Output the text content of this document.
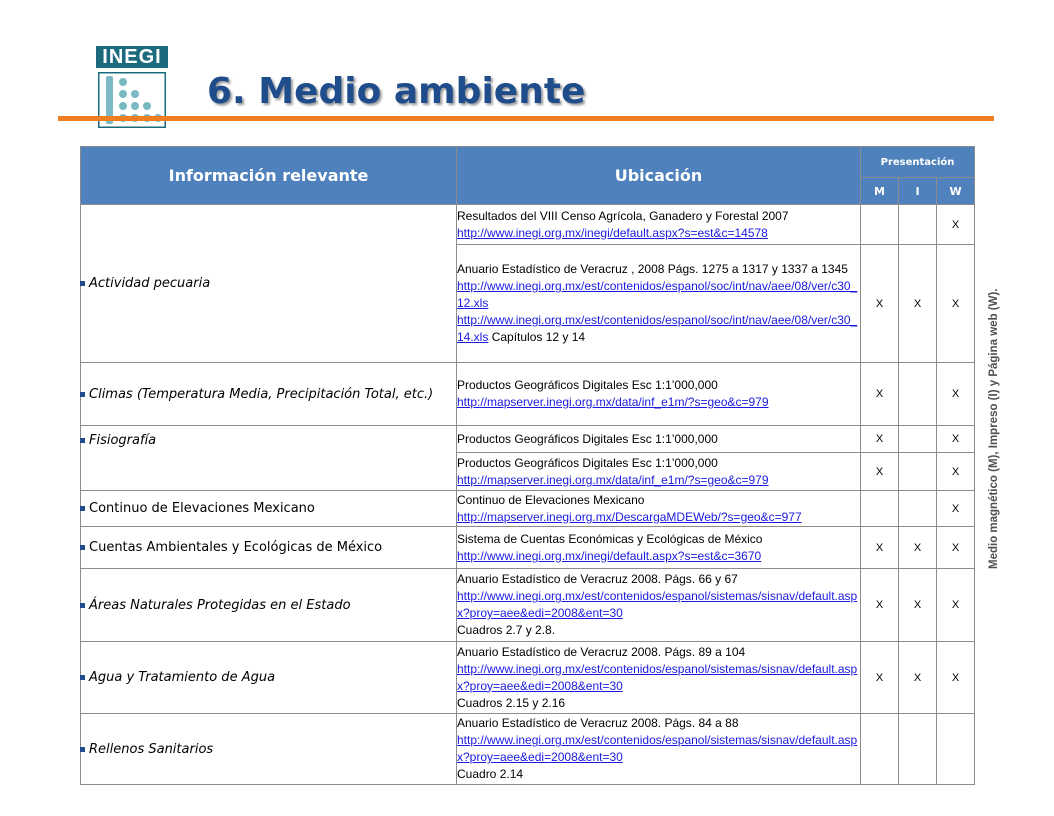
INEGI
6. Medio ambiente
Información relevante	Ubicación	Presentación		
		M	I	W

Actividad pecuaria	Resultados del VIII Censo Agrícola, Ganadero y Forestal 2007
http://www.inegi.org.mx/inegi/default.aspx?s=est&c=14578			X
	Anuario Estadístico de Veracruz , 2008 Págs. 1275 a 1317 y 1337 a 1345
http://www.inegi.org.mx/est/contenidos/espanol/soc/int/nav/aee/08/ver/c30_12.xls
http://www.inegi.org.mx/est/contenidos/espanol/soc/int/nav/aee/08/ver/c30_14.xls Capítulos 12 y 14	X	X	X

Climas (Temperatura Media, Precipitación Total, etc.)	Productos Geográficos Digitales Esc 1:1’000,000
http://mapserver.inegi.org.mx/data/inf_e1m/?s=geo&c=979	X		X

Fisiografía	Productos Geográficos Digitales Esc 1:1’000,000	X		X
	Productos Geográficos Digitales Esc 1:1’000,000
http://mapserver.inegi.org.mx/data/inf_e1m/?s=geo&c=979	X		X

Continuo de Elevaciones Mexicano	Continuo de Elevaciones Mexicano
http://mapserver.inegi.org.mx/DescargaMDEWeb/?s=geo&c=977			X

Cuentas Ambientales y Ecológicas de México	Sistema de Cuentas Económicas y Ecológicas de México
http://www.inegi.org.mx/inegi/default.aspx?s=est&c=3670	X	X	X

Áreas Naturales Protegidas en el Estado	Anuario Estadístico de Veracruz 2008. Págs. 66 y 67
http://www.inegi.org.mx/est/contenidos/espanol/sistemas/sisnav/default.aspx?proy=aee&edi=2008&ent=30
Cuadros 2.7 y 2.8.	X	X	X

Agua y Tratamiento de Agua	Anuario Estadístico de Veracruz 2008. Págs. 89 a 104
http://www.inegi.org.mx/est/contenidos/espanol/sistemas/sisnav/default.aspx?proy=aee&edi=2008&ent=30
Cuadros 2.15 y 2.16	X	X	X

Rellenos Sanitarios	Anuario Estadístico de Veracruz 2008. Págs. 84 a 88
http://www.inegi.org.mx/est/contenidos/espanol/sistemas/sisnav/default.aspx?proy=aee&edi=2008&ent=30
Cuadro 2.14			
Medio magnético (M), Impreso (I) y Página web (W).
